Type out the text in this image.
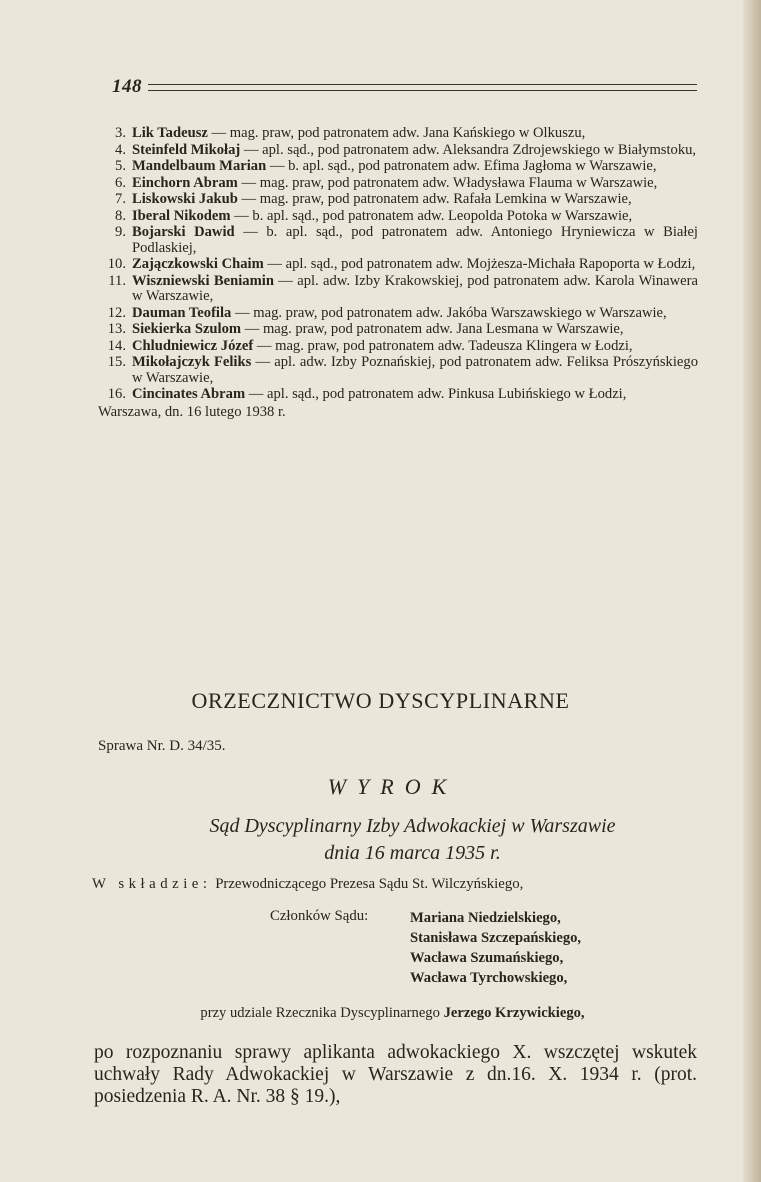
148
3. Lik Tadeusz — mag. praw, pod patronatem adw. Jana Kańskiego w Olkuszu,
4. Steinfeld Mikołaj — apl. sąd., pod patronatem adw. Aleksandra Zdrojewskiego w Białymstoku,
5. Mandelbaum Marian — b. apl. sąd., pod patronatem adw. Efima Jagłoma w Warszawie,
6. Einchorn Abram — mag. praw, pod patronatem adw. Władysława Flauma w Warszawie,
7. Liskowski Jakub — mag. praw, pod patronatem adw. Rafała Lemkina w Warszawie,
8. Iberal Nikodem — b. apl. sąd., pod patronatem adw. Leopolda Potoka w Warszawie,
9. Bojarski Dawid — b. apl. sąd., pod patronatem adw. Antoniego Hryniewicza w Białej Podlaskiej,
10. Zajączkowski Chaim — apl. sąd., pod patronatem adw. Mojżesza-Michała Rapoporta w Łodzi,
11. Wiszniewski Beniamin — apl. adw. Izby Krakowskiej, pod patronatem adw. Karola Winawera w Warszawie,
12. Dauman Teofila — mag. praw, pod patronatem adw. Jakóba Warszawskiego w Warszawie,
13. Siekierka Szulom — mag. praw, pod patronatem adw. Jana Lesmana w Warszawie,
14. Chludniewicz Józef — mag. praw, pod patronatem adw. Tadeusza Klingera w Łodzi,
15. Mikołajczyk Feliks — apl. adw. Izby Poznańskiej, pod patronatem adw. Feliksa Prószyńskiego w Warszawie,
16. Cincinates Abram — apl. sąd., pod patronatem adw. Pinkusa Lubińskiego w Łodzi,
Warszawa, dn. 16 lutego 1938 r.
ORZECZNICTWO DYSCYPLINARNE
Sprawa Nr. D. 34/35.
WYROK
Sąd Dyscyplinarny Izby Adwokackiej w Warszawie
dnia 16 marca 1935 r.
W składzie: Przewodniczącego Prezesa Sądu St. Wilczyńskiego,
Członków Sądu:	Mariana Niedzielskiego,
Stanisława Szczepańskiego,
Wacława Szumańskiego,
Wacława Tyrchowskiego,
przy udziale Rzecznika Dyscyplinarnego Jerzego Krzywickiego,
po rozpoznaniu sprawy aplikanta adwokackiego X. wszczętej wskutek uchwały Rady Adwokackiej w Warszawie z dn.16. X. 1934 r. (prot. posiedzenia R. A. Nr. 38 § 19.),
